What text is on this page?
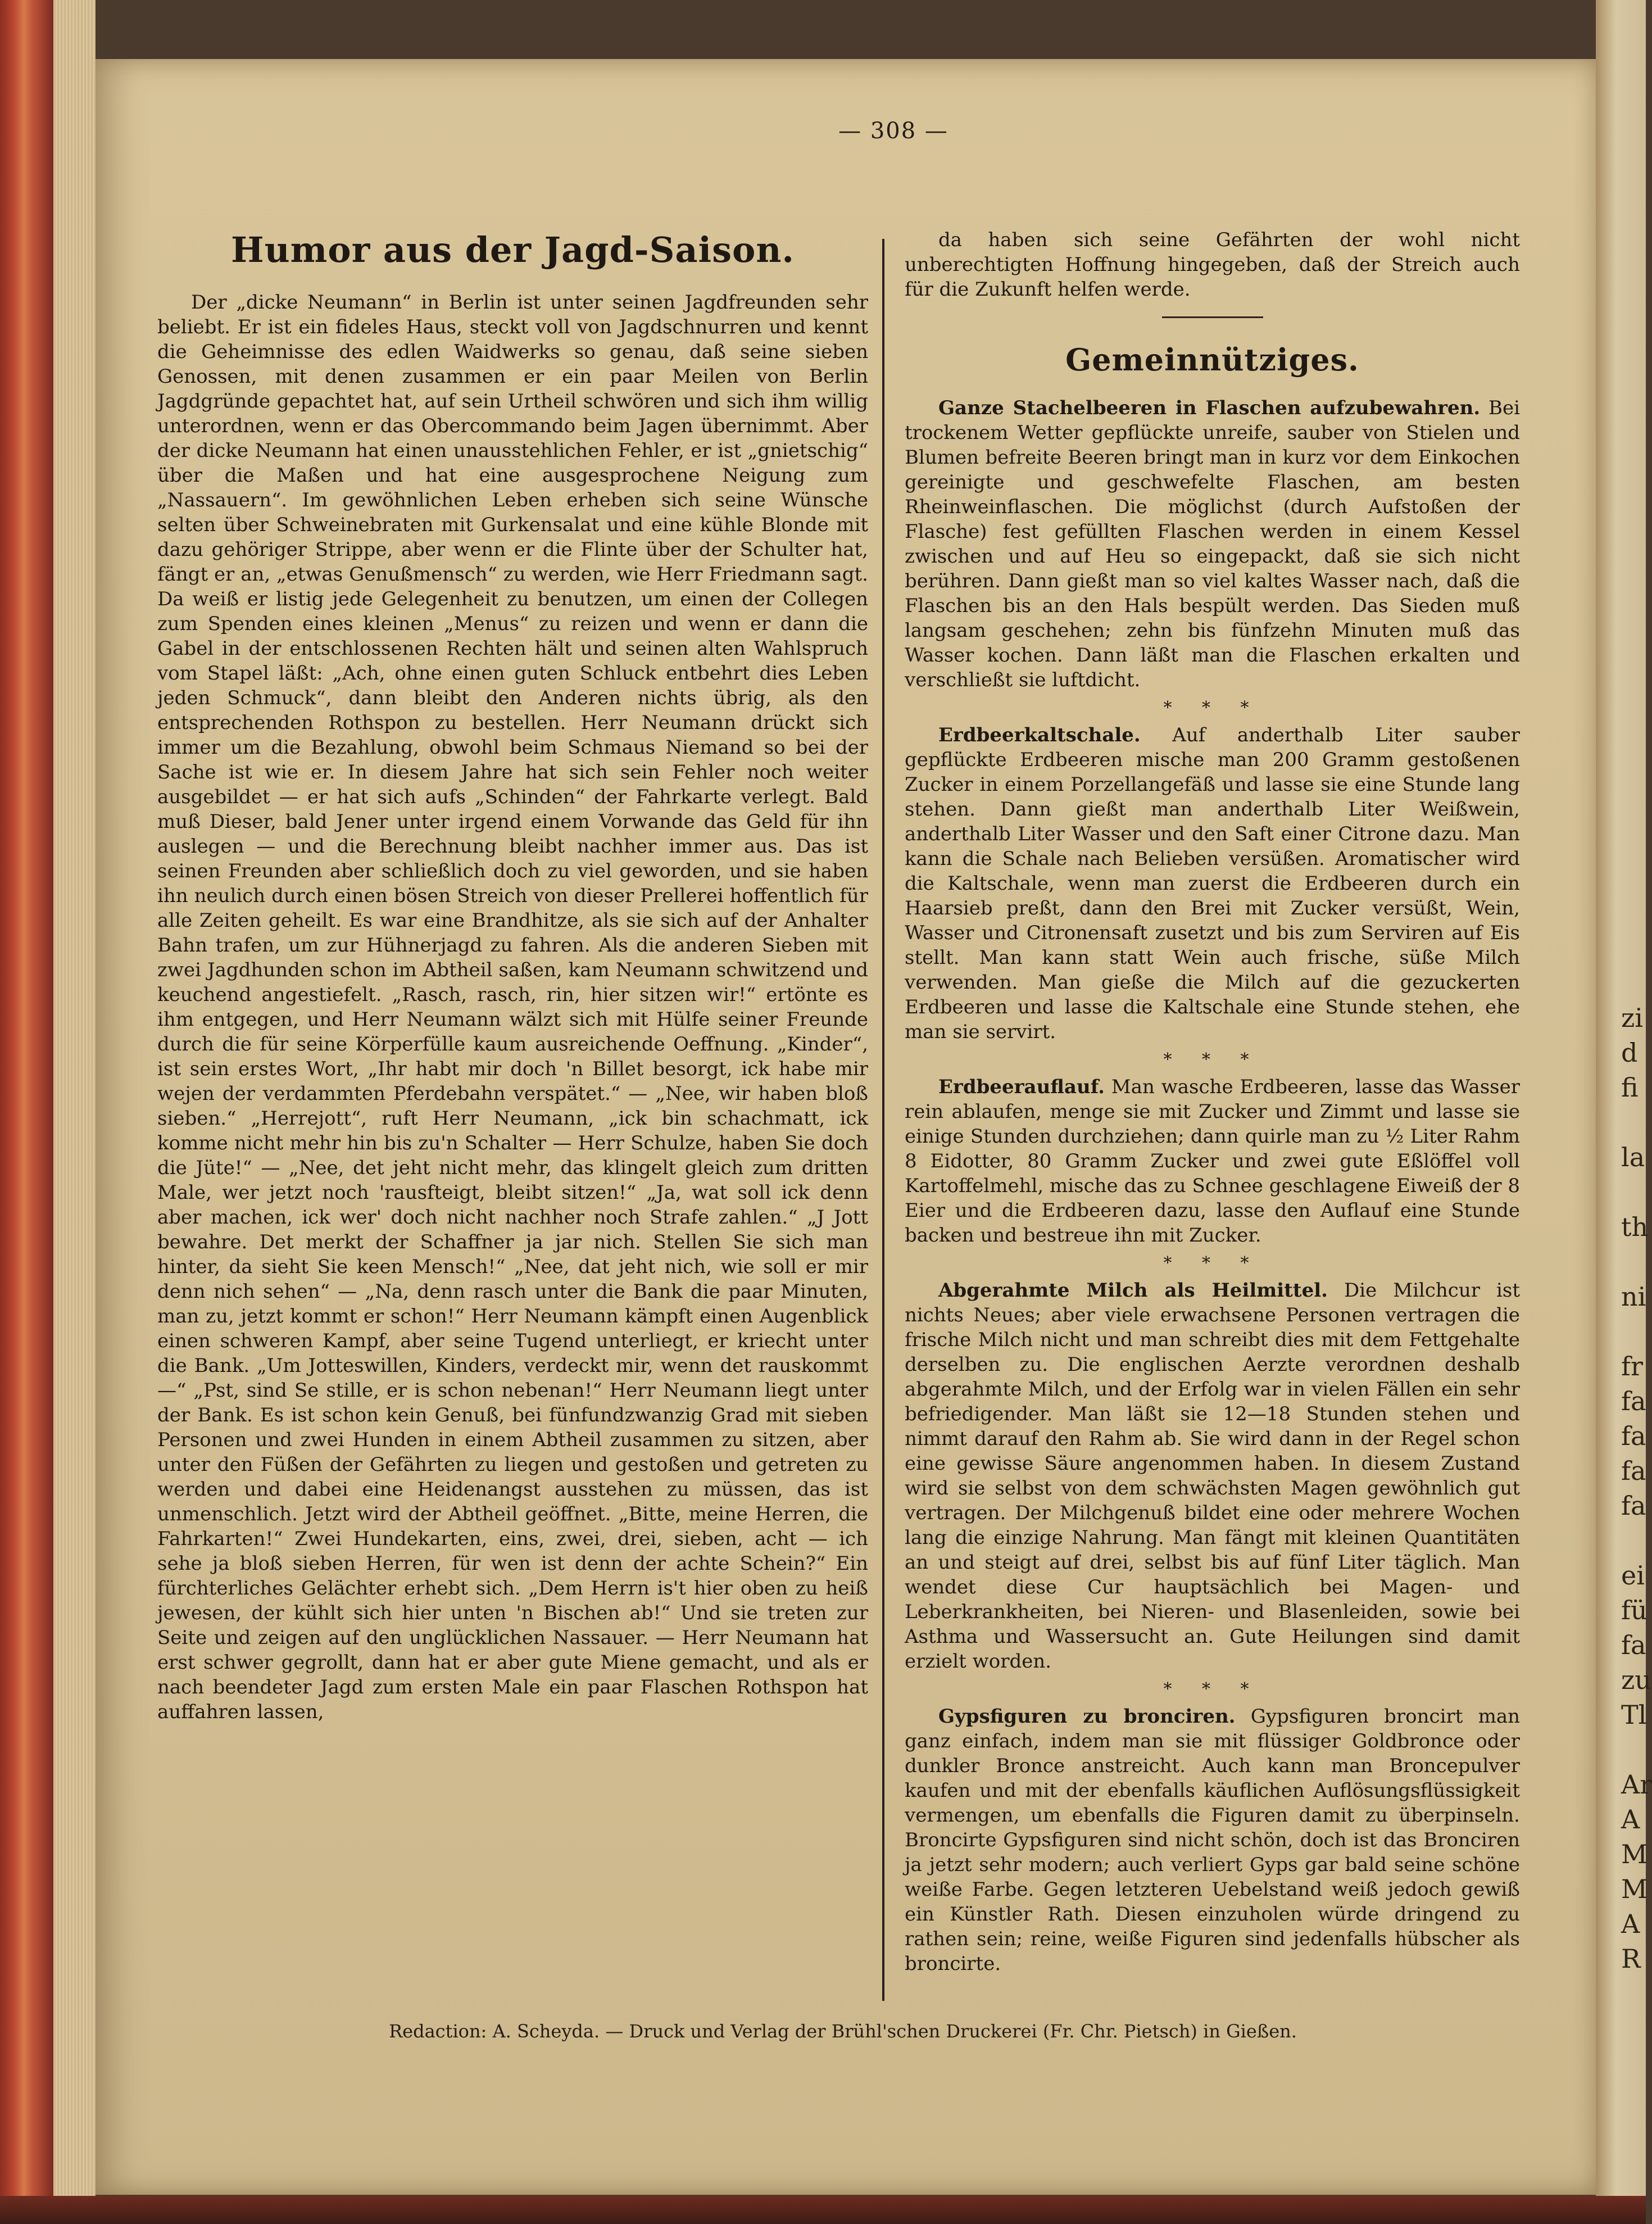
— 308 —
Humor aus der Jagd-Saison.

Der „dicke Neumann“ in Berlin ist unter seinen Jagdfreunden sehr beliebt. Er ist ein fideles Haus, steckt voll von Jagdschnurren und kennt die Geheimnisse des edlen Waidwerks so genau, daß seine sieben Genossen, mit denen zusammen er ein paar Meilen von Berlin Jagdgründe gepachtet hat, auf sein Urtheil schwören und sich ihm willig unterordnen, wenn er das Obercommando beim Jagen übernimmt. Aber der dicke Neumann hat einen unausstehlichen Fehler, er ist „gnietschig“ über die Maßen und hat eine ausgesprochene Neigung zum „Nassauern“. Im gewöhnlichen Leben erheben sich seine Wünsche selten über Schweinebraten mit Gurkensalat und eine kühle Blonde mit dazu gehöriger Strippe, aber wenn er die Flinte über der Schulter hat, fängt er an, „etwas Genußmensch“ zu werden, wie Herr Friedmann sagt. Da weiß er listig jede Gelegenheit zu benutzen, um einen der Collegen zum Spenden eines kleinen „Menus“ zu reizen und wenn er dann die Gabel in der entschlossenen Rechten hält und seinen alten Wahlspruch vom Stapel läßt: „Ach, ohne einen guten Schluck entbehrt dies Leben jeden Schmuck“, dann bleibt den Anderen nichts übrig, als den entsprechenden Rothspon zu bestellen. Herr Neumann drückt sich immer um die Bezahlung, obwohl beim Schmaus Niemand so bei der Sache ist wie er. In diesem Jahre hat sich sein Fehler noch weiter ausgebildet — er hat sich aufs „Schinden“ der Fahrkarte verlegt. Bald muß Dieser, bald Jener unter irgend einem Vorwande das Geld für ihn auslegen — und die Berechnung bleibt nachher immer aus. Das ist seinen Freunden aber schließlich doch zu viel geworden, und sie haben ihn neulich durch einen bösen Streich von dieser Prellerei hoffentlich für alle Zeiten geheilt. Es war eine Brandhitze, als sie sich auf der Anhalter Bahn trafen, um zur Hühnerjagd zu fahren. Als die anderen Sieben mit zwei Jagdhunden schon im Abtheil saßen, kam Neumann schwitzend und keuchend angestiefelt. „Rasch, rasch, rin, hier sitzen wir!“ ertönte es ihm entgegen, und Herr Neumann wälzt sich mit Hülfe seiner Freunde durch die für seine Körperfülle kaum ausreichende Oeffnung. „Kinder“, ist sein erstes Wort, „Ihr habt mir doch 'n Billet besorgt, ick habe mir wejen der verdammten Pferdebahn verspätet.“ — „Nee, wir haben bloß sieben.“ „Herrejott“, ruft Herr Neumann, „ick bin schachmatt, ick komme nicht mehr hin bis zu'n Schalter — Herr Schulze, haben Sie doch die Jüte!“ — „Nee, det jeht nicht mehr, das klingelt gleich zum dritten Male, wer jetzt noch 'rausfteigt, bleibt sitzen!“ „Ja, wat soll ick denn aber machen, ick wer' doch nicht nachher noch Strafe zahlen.“ „J Jott bewahre. Det merkt der Schaffner ja jar nich. Stellen Sie sich man hinter, da sieht Sie keen Mensch!“ „Nee, dat jeht nich, wie soll er mir denn nich sehen“ — „Na, denn rasch unter die Bank die paar Minuten, man zu, jetzt kommt er schon!“ Herr Neumann kämpft einen Augenblick einen schweren Kampf, aber seine Tugend unterliegt, er kriecht unter die Bank. „Um Jotteswillen, Kinders, verdeckt mir, wenn det rauskommt —“ „Pst, sind Se stille, er is schon nebenan!“ Herr Neumann liegt unter der Bank. Es ist schon kein Genuß, bei fünfundzwanzig Grad mit sieben Personen und zwei Hunden in einem Abtheil zusammen zu sitzen, aber unter den Füßen der Gefährten zu liegen und gestoßen und getreten zu werden und dabei eine Heidenangst ausstehen zu müssen, das ist unmenschlich. Jetzt wird der Abtheil geöffnet. „Bitte, meine Herren, die Fahrkarten!“ Zwei Hundekarten, eins, zwei, drei, sieben, acht — ich sehe ja bloß sieben Herren, für wen ist denn der achte Schein?“ Ein fürchterliches Gelächter erhebt sich. „Dem Herrn is't hier oben zu heiß jewesen, der kühlt sich hier unten 'n Bischen ab!“ Und sie treten zur Seite und zeigen auf den unglücklichen Nassauer. — Herr Neumann hat erst schwer gegrollt, dann hat er aber gute Miene gemacht, und als er nach beendeter Jagd zum ersten Male ein paar Flaschen Rothspon hat auffahren lassen,

da haben sich seine Gefährten der wohl nicht unberechtigten Hoffnung hingegeben, daß der Streich auch für die Zukunft helfen werde.

Gemeinnütziges.

Ganze Stachelbeeren in Flaschen aufzubewahren. Bei trockenem Wetter gepflückte unreife, sauber von Stielen und Blumen befreite Beeren bringt man in kurz vor dem Einkochen gereinigte und geschwefelte Flaschen, am besten Rheinweinflaschen. Die möglichst (durch Aufstoßen der Flasche) fest gefüllten Flaschen werden in einem Kessel zwischen und auf Heu so eingepackt, daß sie sich nicht berühren. Dann gießt man so viel kaltes Wasser nach, daß die Flaschen bis an den Hals bespült werden. Das Sieden muß langsam geschehen; zehn bis fünfzehn Minuten muß das Wasser kochen. Dann läßt man die Flaschen erkalten und verschließt sie luftdicht.

* * *

Erdbeerkaltschale. Auf anderthalb Liter sauber gepflückte Erdbeeren mische man 200 Gramm gestoßenen Zucker in einem Porzellangefäß und lasse sie eine Stunde lang stehen. Dann gießt man anderthalb Liter Weißwein, anderthalb Liter Wasser und den Saft einer Citrone dazu. Man kann die Schale nach Belieben versüßen. Aromatischer wird die Kaltschale, wenn man zuerst die Erdbeeren durch ein Haarsieb preßt, dann den Brei mit Zucker versüßt, Wein, Wasser und Citronensaft zusetzt und bis zum Serviren auf Eis stellt. Man kann statt Wein auch frische, süße Milch verwenden. Man gieße die Milch auf die gezuckerten Erdbeeren und lasse die Kaltschale eine Stunde stehen, ehe man sie servirt.

* * *

Erdbeerauflauf. Man wasche Erdbeeren, lasse das Wasser rein ablaufen, menge sie mit Zucker und Zimmt und lasse sie einige Stunden durchziehen; dann quirle man zu ½ Liter Rahm 8 Eidotter, 80 Gramm Zucker und zwei gute Eßlöffel voll Kartoffelmehl, mische das zu Schnee geschlagene Eiweiß der 8 Eier und die Erdbeeren dazu, lasse den Auflauf eine Stunde backen und bestreue ihn mit Zucker.

* * *

Abgerahmte Milch als Heilmittel. Die Milchcur ist nichts Neues; aber viele erwachsene Personen vertragen die frische Milch nicht und man schreibt dies mit dem Fettgehalte derselben zu. Die englischen Aerzte verordnen deshalb abgerahmte Milch, und der Erfolg war in vielen Fällen ein sehr befriedigender. Man läßt sie 12—18 Stunden stehen und nimmt darauf den Rahm ab. Sie wird dann in der Regel schon eine gewisse Säure angenommen haben. In diesem Zustand wird sie selbst von dem schwächsten Magen gewöhnlich gut vertragen. Der Milchgenuß bildet eine oder mehrere Wochen lang die einzige Nahrung. Man fängt mit kleinen Quantitäten an und steigt auf drei, selbst bis auf fünf Liter täglich. Man wendet diese Cur hauptsächlich bei Magen- und Leberkrankheiten, bei Nieren- und Blasenleiden, sowie bei Asthma und Wassersucht an. Gute Heilungen sind damit erzielt worden.

* * *

Gypsfiguren zu bronciren. Gypsfiguren broncirt man ganz einfach, indem man sie mit flüssiger Goldbronce oder dunkler Bronce anstreicht. Auch kann man Broncepulver kaufen und mit der ebenfalls käuflichen Auflösungsflüssigkeit vermengen, um ebenfalls die Figuren damit zu überpinseln. Broncirte Gypsfiguren sind nicht schön, doch ist das Bronciren ja jetzt sehr modern; auch verliert Gyps gar bald seine schöne weiße Farbe. Gegen letzteren Uebelstand weiß jedoch gewiß ein Künstler Rath. Diesen einzuholen würde dringend zu rathen sein; reine, weiße Figuren sind jedenfalls hübscher als broncirte.

Redaction: A. Scheyda. — Druck und Verlag der Brühl'schen Druckerei (Fr. Chr. Pietsch) in Gießen.
zi
d
fi

la

th

ni

fr
fa
fa
fa
fa

ei
fü
fa
zu
Tl

Ar
A
M
M
A
R
